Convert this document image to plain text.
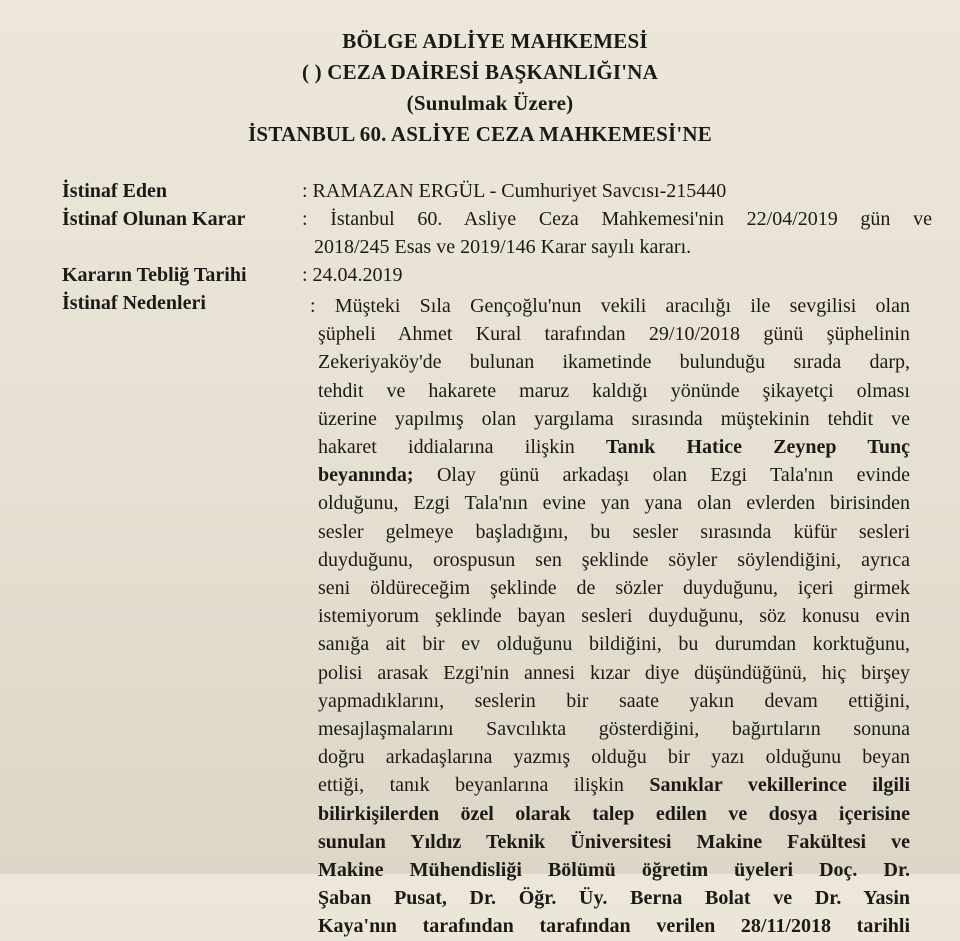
BÖLGE ADLİYE MAHKEMESİ
( ) CEZA DAİRESİ BAŞKANLIĞI'NA
(Sunulmak Üzere)
İSTANBUL 60. ASLİYE CEZA MAHKEMESİ'NE
İstinaf Eden	: RAMAZAN ERGÜL - Cumhuriyet Savcısı-215440
İstinaf Olunan Karar	: İstanbul 60. Asliye Ceza Mahkemesi'nin 22/04/2019 gün ve
2018/245 Esas ve 2019/146 Karar sayılı kararı.
Kararın Tebliğ Tarihi	: 24.04.2019
İstinaf Nedenleri	: Müşteki Sıla Gençoğlu'nun vekili aracılığı ile sevgilisi olan
şüpheli Ahmet Kural tarafından 29/10/2018 günü şüphelinin
Zekeriyaköy'de bulunan ikametinde bulunduğu sırada darp,
tehdit ve hakarete maruz kaldığı yönünde şikayetçi olması
üzerine yapılmış olan yargılama sırasında müştekinin tehdit ve
hakaret iddialarına ilişkin Tanık Hatice Zeynep Tunç
beyanında; Olay günü arkadaşı olan Ezgi Tala'nın evinde
olduğunu, Ezgi Tala'nın evine yan yana olan evlerden birisinden
sesler gelmeye başladığını, bu sesler sırasında küfür sesleri
duyduğunu, orospusun sen şeklinde söyler söylendiğini, ayrıca
seni öldüreceğim şeklinde de sözler duyduğunu, içeri girmek
istemiyorum şeklinde bayan sesleri duyduğunu, söz konusu evin
sanığa ait bir ev olduğunu bildiğini, bu durumdan korktuğunu,
polisi arasak Ezgi'nin annesi kızar diye düşündüğünü, hiç birşey
yapmadıklarını, seslerin bir saate yakın devam ettiğini,
mesajlaşmalarını Savcılıkta gösterdiğini, bağırtıların sonuna
doğru arkadaşlarına yazmış olduğu bir yazı olduğunu beyan
ettiği, tanık beyanlarına ilişkin Sanıklar vekillerince ilgili
bilirkişilerden özel olarak talep edilen ve dosya içerisine
sunulan Yıldız Teknik Üniversitesi Makine Fakültesi ve
Makine Mühendisliği Bölümü öğretim üyeleri Doç. Dr.
Şaban Pusat, Dr. Öğr. Üy. Berna Bolat ve Dr. Yasin
Kaya'nın tarafından tarafından verilen 28/11/2018 tarihli
